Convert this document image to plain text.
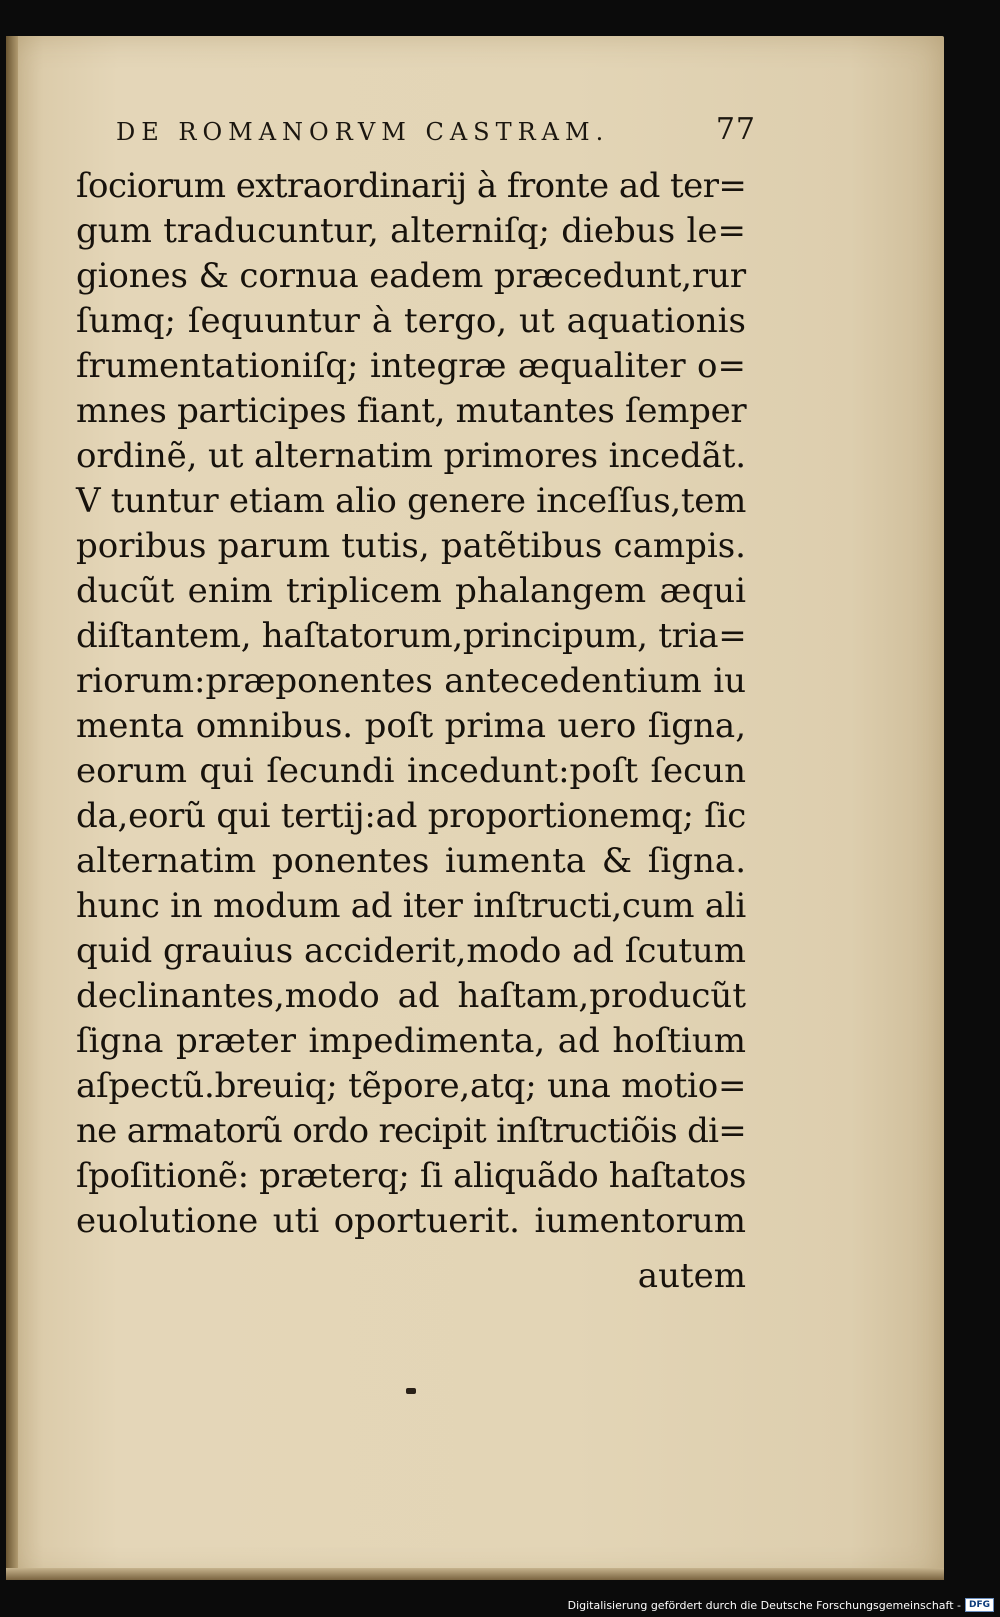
DE ROMANORVM CASTRAM.	77
ſociorum extraordinarij à fronte ad ter=
gum traducuntur, alterniſq; diebus le=
giones & cornua eadem præcedunt,rur
ſumq; ſequuntur à tergo, ut aquationis
frumentationiſq; integræ æqualiter o=
mnes participes fiant, mutantes ſemper
ordinẽ, ut alternatim primores incedãt.
V tuntur etiam alio genere inceſſus,tem
poribus parum tutis, patẽtibus campis.
ducũt enim triplicem phalangem æqui
diſtantem, haſtatorum,principum, tria=
riorum:præponentes antecedentium iu
menta omnibus. poſt prima uero ſigna,
eorum qui ſecundi incedunt:poſt ſecun
da,eorũ qui tertij:ad proportionemq; ſic
alternatim ponentes iumenta & ſigna.
hunc in modum ad iter inſtructi,cum ali
quid grauius acciderit,modo ad ſcutum
declinantes,modo ad haſtam,producũt
ſigna præter impedimenta, ad hoſtium
aſpectũ.breuiq; tẽpore,atq; una motio=
ne armatorũ ordo recipit inſtructiõis di=
ſpoſitionẽ: præterq; ſi aliquãdo haſtatos
euolutione uti oportuerit. iumentorum
autem
Digitalisierung gefördert durch die Deutsche Forschungsgemeinschaft - DFG
